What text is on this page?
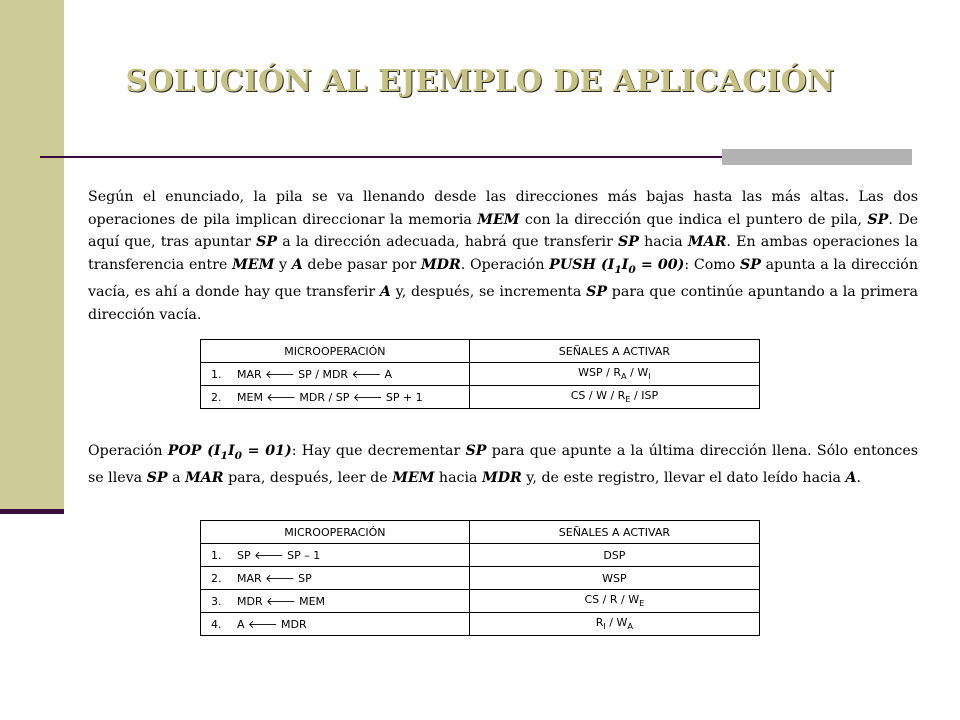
SOLUCIÓN AL EJEMPLO DE APLICACIÓN

Según el enunciado, la pila se va llenando desde las direcciones más bajas hasta las más altas. Las dos operaciones de pila implican direccionar la memoria MEM con la dirección que indica el puntero de pila, SP. De aquí que, tras apuntar SP a la dirección adecuada, habrá que transferir SP hacia MAR. En ambas operaciones la transferencia entre MEM y A debe pasar por MDR. Operación PUSH $(I_1I_0 = 00)$: Como SP apunta a la dirección vacía, es ahí a donde hay que transferir A y, después, se incrementa SP para que continúe apuntando a la primera dirección vacía.

MICROOPERACIÓN	SEÑALES A ACTIVAR
1. MAR 🡐 SP / MDR 🡐 A	WSP / $R_A / W_I$
2. MEM 🡐 MDR / SP 🡐 SP + 1	CS / W / $R_E$ / ISP

Operación POP $(I_1I_0 = 01)$: Hay que decrementar SP para que apunte a la última dirección llena. Sólo entonces se lleva SP a MAR para, después, leer de MEM hacia MDR y, de este registro, llevar el dato leído hacia A.

MICROOPERACIÓN	SEÑALES A ACTIVAR
1. SP 🡐 SP – 1	DSP
2. MAR 🡐 SP	WSP
3. MDR 🡐 MEM	CS / R / $W_E$
4. A 🡐 MDR	$R_I / W_A$
